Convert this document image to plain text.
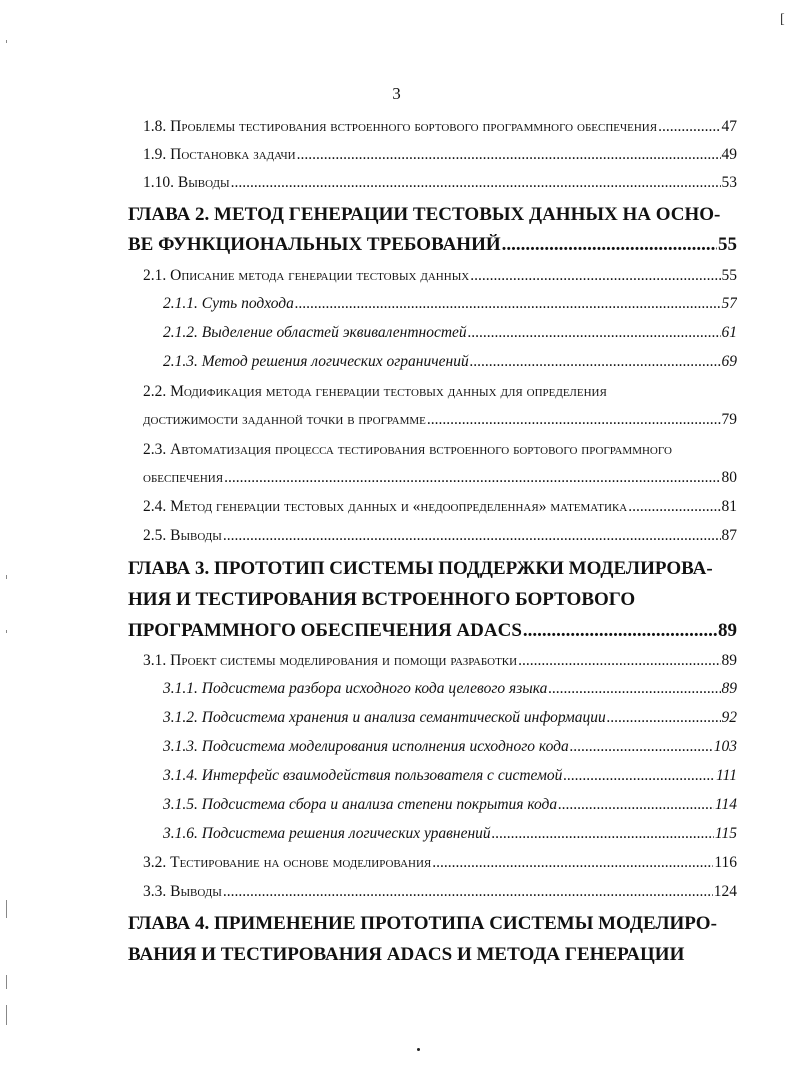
[
3
1.8. Проблемы тестирования встроенного бортового программного обеспечения .....	47
1.9. Постановка задачи .....	49
1.10. Выводы .....	53
ГЛАВА 2. МЕТОД ГЕНЕРАЦИИ ТЕСТОВЫХ ДАННЫХ НА ОСНО-
ВЕ ФУНКЦИОНАЛЬНЫХ ТРЕБОВАНИЙ .....	55
2.1. Описание метода генерации тестовых данных .....	55
2.1.1. Суть подхода .....	57
2.1.2. Выделение областей эквивалентностей .....	61
2.1.3. Метод решения логических ограничений .....	69
2.2. Модификация метода генерации тестовых данных для определения
достижимости заданной точки в программе .....	79
2.3. Автоматизация процесса тестирования встроенного бортового программного
обеспечения .....	80
2.4. Метод генерации тестовых данных и «недоопределенная» математика .....	81
2.5. Выводы .....	87
ГЛАВА 3. ПРОТОТИП СИСТЕМЫ ПОДДЕРЖКИ МОДЕЛИРОВА-
НИЯ И ТЕСТИРОВАНИЯ ВСТРОЕННОГО БОРТОВОГО
ПРОГРАММНОГО ОБЕСПЕЧЕНИЯ ADACS .....	89
3.1. Проект системы моделирования и помощи разработки .....	89
3.1.1. Подсистема разбора исходного кода целевого языка .....	89
3.1.2. Подсистема хранения и анализа семантической информации .....	92
3.1.3. Подсистема моделирования исполнения исходного кода .....	103
3.1.4. Интерфейс взаимодействия пользователя с системой .....	111
3.1.5. Подсистема сбора и анализа степени покрытия кода .....	114
3.1.6. Подсистема решения логических уравнений .....	115
3.2. Тестирование на основе моделирования .....	116
3.3. Выводы .....	124
ГЛАВА 4. ПРИМЕНЕНИЕ ПРОТОТИПА СИСТЕМЫ МОДЕЛИРО-
ВАНИЯ И ТЕСТИРОВАНИЯ ADACS И МЕТОДА ГЕНЕРАЦИИ
